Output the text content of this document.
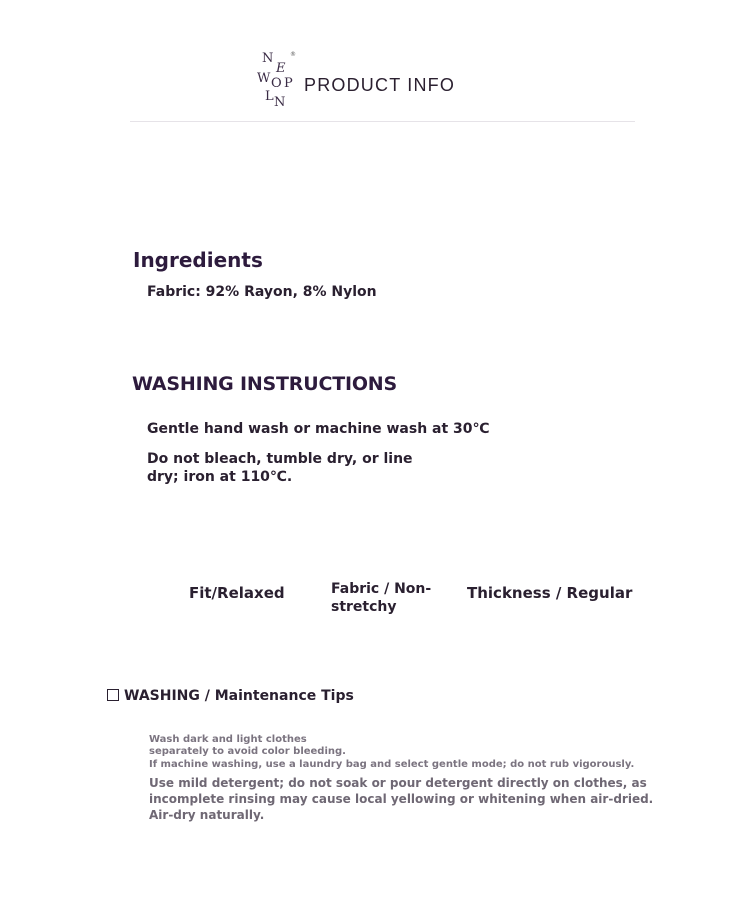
N
E
W O P
L N
®
PRODUCT INFO
Ingredients
Fabric: 92% Rayon, 8% Nylon
WASHING INSTRUCTIONS
Gentle hand wash or machine wash at 30℃
Do not bleach, tumble dry, or line dry; iron at 110℃.
Fit/Relaxed	Fabric / Non-stretchy
Thickness / Regular
WASHING / Maintenance Tips
Wash dark and light clothes separately to avoid color bleeding.
If machine washing, use a laundry bag and select gentle mode; do not rub vigorously.
Use mild detergent; do not soak or pour detergent directly on clothes, as incomplete rinsing may cause local yellowing or whitening when air-dried. Air-dry naturally.
